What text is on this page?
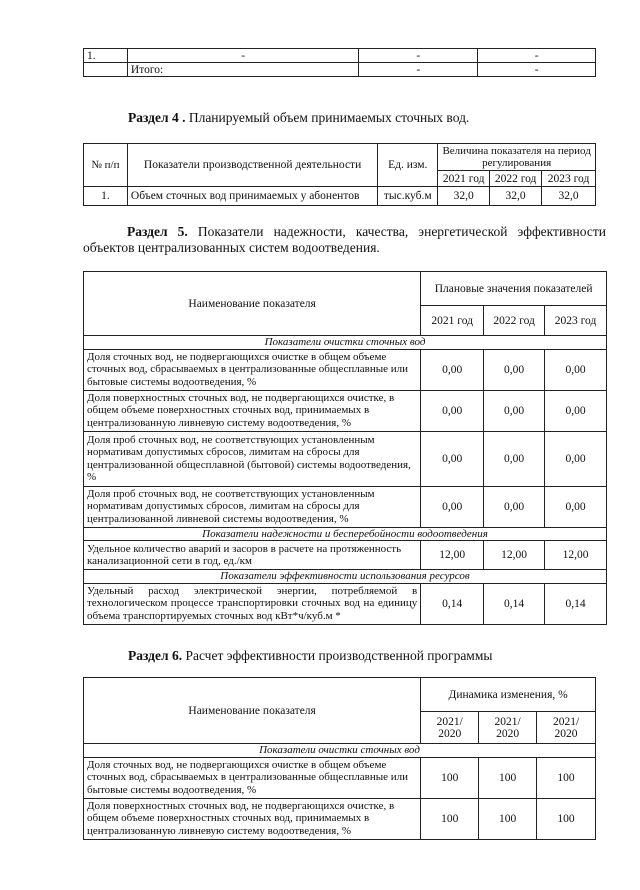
1.	-	-	-
	Итого:	-	-
Раздел 4 . Планируемый объем принимаемых сточных вод.
№ п/п	Показатели производственной деятельности	Ед. изм.	Величина показателя на период регулирования		
			2021 год	2022 год	2023 год
1.	Объем сточных вод принимаемых у абонентов	тыс.куб.м	32,0	32,0	32,0
Раздел 5. Показатели надежности, качества, энергетической эффективности объектов централизованных систем водоотведения.
Наименование показателя	Плановые значения показателей		
	2021 год	2022 год	2023 год
Показатели очистки сточных вод			
Доля сточных вод, не подвергающихся очистке в общем объеме сточных вод, сбрасываемых в централизованные общесплавные или бытовые системы водоотведения, %	0,00	0,00	0,00
Доля поверхностных сточных вод, не подвергающихся очистке, в общем объеме поверхностных сточных вод, принимаемых в централизованную ливневую систему водоотведения, %	0,00	0,00	0,00
Доля проб сточных вод, не соответствующих установленным нормативам допустимых сбросов, лимитам на сбросы для централизованной общесплавной (бытовой) системы водоотведения, %	0,00	0,00	0,00
Доля проб сточных вод, не соответствующих установленным нормативам допустимых сбросов, лимитам на сбросы для централизованной ливневой системы водоотведения, %	0,00	0,00	0,00
Показатели надежности и бесперебойности водоотведения			
Удельное количество аварий и засоров в расчете на протяженность канализационной сети в год, ед./км	12,00	12,00	12,00
Показатели эффективности использования ресурсов			
Удельный расход электрической энергии, потребляемой в технологическом процессе транспортировки сточных вод на единицу объема транспортируемых сточных вод кВт*ч/куб.м *	0,14	0,14	0,14
Раздел 6. Расчет эффективности производственной программы
Наименование показателя	Динамика изменения, %		
	2021/ 2020	2021/ 2020	2021/ 2020
Показатели очистки сточных вод			
Доля сточных вод, не подвергающихся очистке в общем объеме сточных вод, сбрасываемых в централизованные общесплавные или бытовые системы водоотведения, %	100	100	100
Доля поверхностных сточных вод, не подвергающихся очистке, в общем объеме поверхностных сточных вод, принимаемых в централизованную ливневую систему водоотведения, %	100	100	100
